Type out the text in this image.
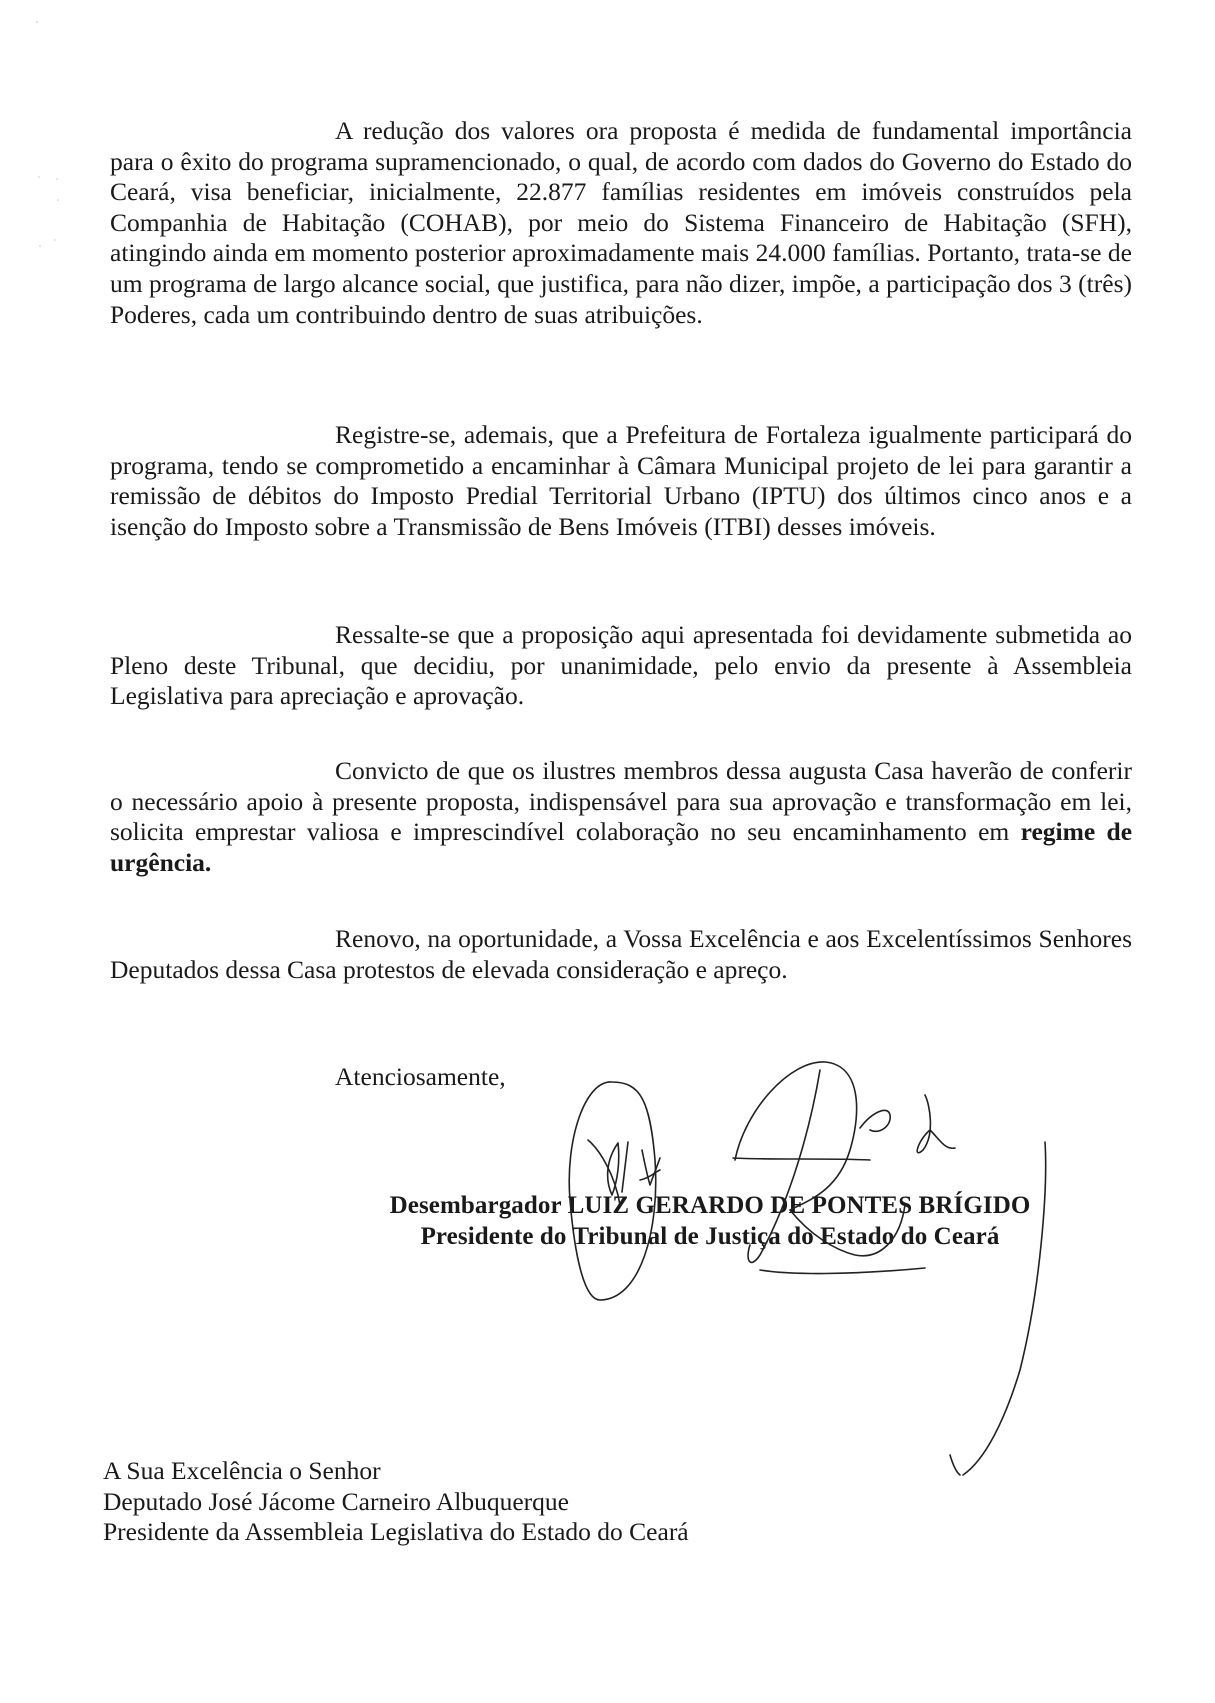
A redução dos valores ora proposta é medida de fundamental importância para o êxito do programa supramencionado, o qual, de acordo com dados do Governo do Estado do Ceará, visa beneficiar, inicialmente, 22.877 famílias residentes em imóveis construídos pela Companhia de Habitação (COHAB), por meio do Sistema Financeiro de Habitação (SFH), atingindo ainda em momento posterior aproximadamente mais 24.000 famílias. Portanto, trata-se de um programa de largo alcance social, que justifica, para não dizer, impõe, a participação dos 3 (três) Poderes, cada um contribuindo dentro de suas atribuições.

Registre-se, ademais, que a Prefeitura de Fortaleza igualmente participará do programa, tendo se comprometido a encaminhar à Câmara Municipal projeto de lei para garantir a remissão de débitos do Imposto Predial Territorial Urbano (IPTU) dos últimos cinco anos e a isenção do Imposto sobre a Transmissão de Bens Imóveis (ITBI) desses imóveis.

Ressalte-se que a proposição aqui apresentada foi devidamente submetida ao Pleno deste Tribunal, que decidiu, por unanimidade, pelo envio da presente à Assembleia Legislativa para apreciação e aprovação.

Convicto de que os ilustres membros dessa augusta Casa haverão de conferir o necessário apoio à presente proposta, indispensável para sua aprovação e transformação em lei, solicita emprestar valiosa e imprescindível colaboração no seu encaminhamento em regime de urgência.

Renovo, na oportunidade, a Vossa Excelência e aos Excelentíssimos Senhores Deputados dessa Casa protestos de elevada consideração e apreço.

Atenciosamente,

Desembargador LUIZ GERARDO DE PONTES BRÍGIDO

Presidente do Tribunal de Justiça do Estado do Ceará

A Sua Excelência o Senhor
Deputado José Jácome Carneiro Albuquerque
Presidente da Assembleia Legislativa do Estado do Ceará
